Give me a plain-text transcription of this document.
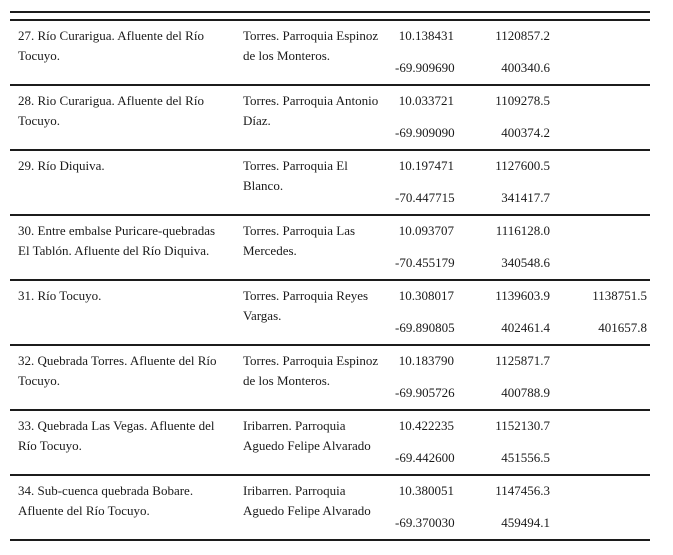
27. Río Curarigua. Afluente del Río Tocuyo.
Torres. Parroquia Espinoz de los Monteros.
10.138431
-69.909690
1120857.2
400340.6
28. Rio Curarigua. Afluente del Río Tocuyo.
Torres. Parroquia Antonio Díaz.
10.033721
-69.909090
1109278.5
400374.2
29. Río Diquiva.	Torres. Parroquia El Blanco.
10.197471
-70.447715
1127600.5
341417.7
30. Entre embalse Puricare-quebradas El Tablón. Afluente del Río Diquiva.
Torres. Parroquia Las Mercedes.
10.093707
-70.455179
1116128.0
340548.6
31. Río Tocuyo.	Torres. Parroquia Reyes Vargas.
10.308017
-69.890805
1139603.9
402461.4
1138751.5
401657.8
32. Quebrada Torres. Afluente del Río Tocuyo.
Torres. Parroquia Espinoz de los Monteros.
10.183790
-69.905726
1125871.7
400788.9
33. Quebrada Las Vegas. Afluente del Río Tocuyo.
Iribarren. Parroquia Aguedo Felipe Alvarado
10.422235
-69.442600
1152130.7
451556.5
34. Sub-cuenca quebrada Bobare. Afluente del Río Tocuyo.
Iribarren. Parroquia Aguedo Felipe Alvarado
10.380051
-69.370030
1147456.3
459494.1
